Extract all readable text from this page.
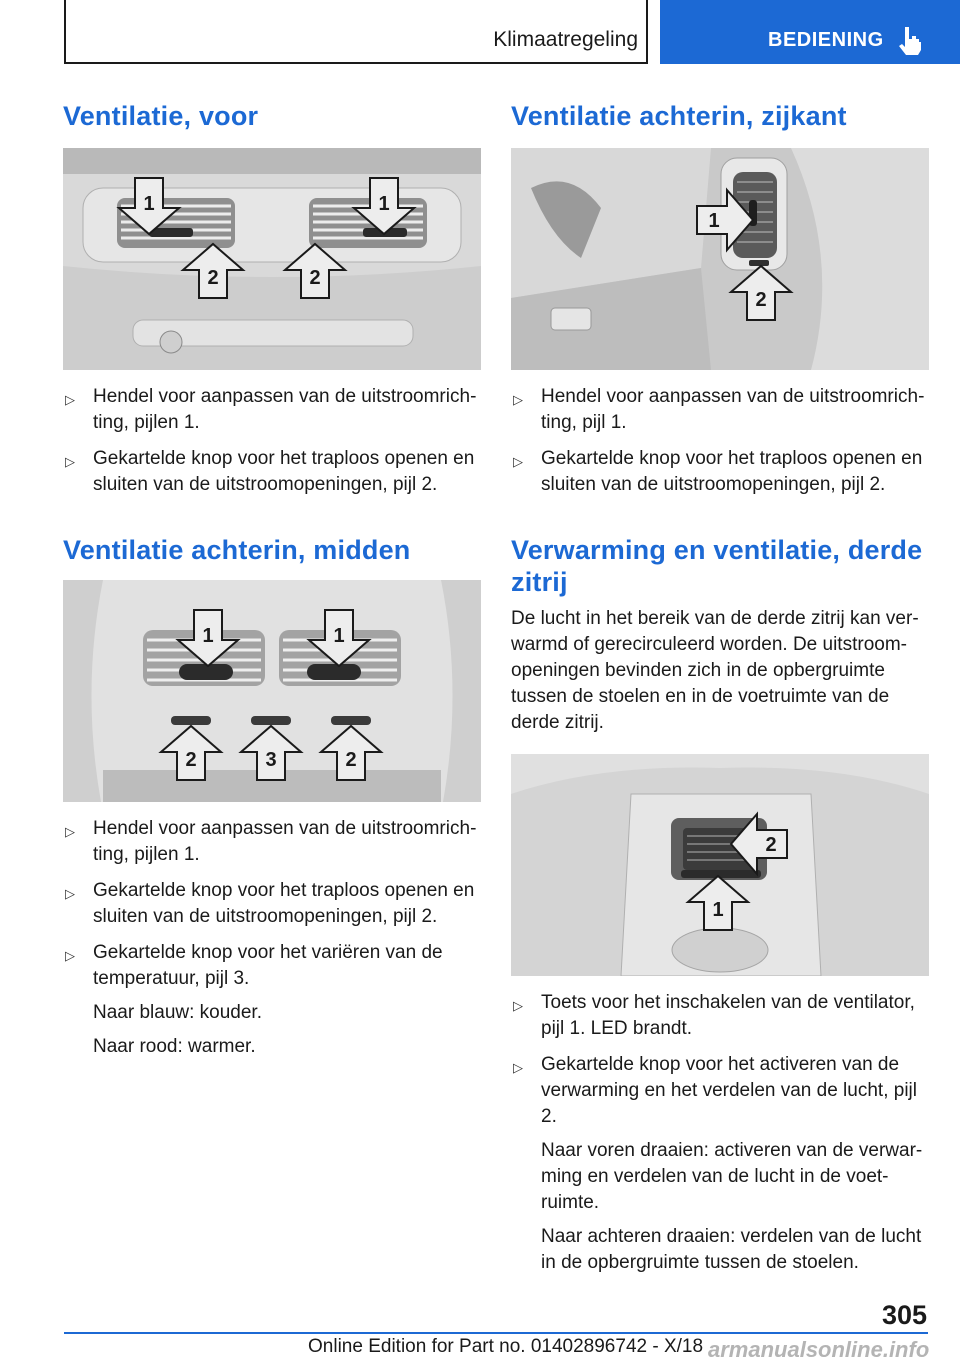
Klimaatregeling	BEDIENING
Ventilatie, voor
1	1
2	2
▷ Hendel voor aanpassen van de uitstroomrichting, pijlen 1.
▷ Gekartelde knop voor het traploos openen en sluiten van de uitstroomopeningen, pijl 2.
Ventilatie achterin, midden
1	1
2	3	2
▷ Hendel voor aanpassen van de uitstroomrichting, pijlen 1.
▷ Gekartelde knop voor het traploos openen en sluiten van de uitstroomopeningen, pijl 2.
▷ Gekartelde knop voor het variëren van de temperatuur, pijl 3.

Naar blauw: kouder.

Naar rood: warmer.

Ventilatie achterin, zijkant
1
2
▷ Hendel voor aanpassen van de uitstroomrichting, pijl 1.
▷ Gekartelde knop voor het traploos openen en sluiten van de uitstroomopeningen, pijl 2.
Verwarming en ventilatie, derde zitrij

De lucht in het bereik van de derde zitrij kan verwarmd of gerecirculeerd worden. De uitstroomopeningen bevinden zich in de opbergruimte tussen de stoelen en in de voetruimte van de derde zitrij.

2
1
▷ Toets voor het inschakelen van de ventilator, pijl 1. LED brandt.
▷ Gekartelde knop voor het activeren van de verwarming en het verdelen van de lucht, pijl 2.

Naar voren draaien: activeren van de verwarming en verdelen van de lucht in de voetruimte.

Naar achteren draaien: verdelen van de lucht in de opbergruimte tussen de stoelen.

305
Online Edition for Part no. 01402896742 - X/18 armanualsonline.info
